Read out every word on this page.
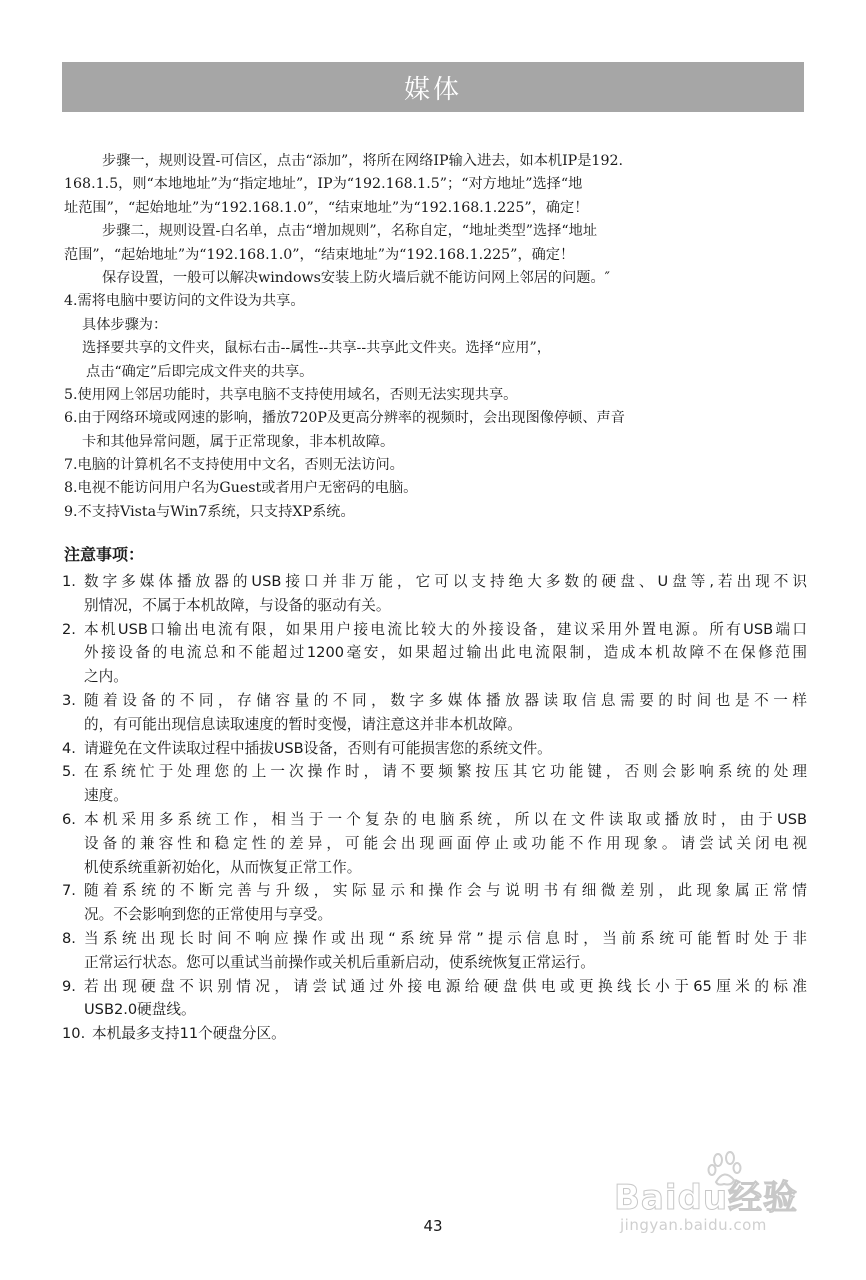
媒体
步骤一，规则设置-可信区，点击“添加”，将所在网络IP输入进去，如本机IP是192.
168.1.5，则“本地地址”为“指定地址”，IP为“192.168.1.5”；“对方地址”选择“地
址范围”，“起始地址”为“192.168.1.0”，“结束地址”为“192.168.1.225”，确定！
步骤二，规则设置-白名单，点击“增加规则”，名称自定，“地址类型”选择“地址
范围”，“起始地址”为“192.168.1.0”，“结束地址”为“192.168.1.225”，确定！
保存设置，一般可以解决windows安装上防火墙后就不能访问网上邻居的问题。″
4.需将电脑中要访问的文件设为共享。
具体步骤为：
选择要共享的文件夹，鼠标右击--属性--共享--共享此文件夹。选择“应用”，
点击“确定”后即完成文件夹的共享。
5.使用网上邻居功能时，共享电脑不支持使用域名，否则无法实现共享。
6.由于网络环境或网速的影响，播放720P及更高分辨率的视频时，会出现图像停顿、声音
卡和其他异常问题，属于正常现象，非本机故障。
7.电脑的计算机名不支持使用中文名，否则无法访问。
8.电视不能访问用户名为Guest或者用户无密码的电脑。
9.不支持Vista与Win7系统，只支持XP系统。
注意事项：
1. 数字多媒体播放器的USB接口并非万能，它可以支持绝大多数的硬盘、U盘等,若出现不识
别情况，不属于本机故障，与设备的驱动有关。
2. 本机USB口输出电流有限，如果用户接电流比较大的外接设备，建议采用外置电源。所有USB端口
外接设备的电流总和不能超过1200毫安，如果超过输出此电流限制，造成本机故障不在保修范围
之内。
3. 随着设备的不同，存储容量的不同，数字多媒体播放器读取信息需要的时间也是不一样
的，有可能出现信息读取速度的暂时变慢，请注意这并非本机故障。
4. 请避免在文件读取过程中插拔USB设备，否则有可能损害您的系统文件。
5. 在系统忙于处理您的上一次操作时，请不要频繁按压其它功能键，否则会影响系统的处理
速度。
6. 本机采用多系统工作，相当于一个复杂的电脑系统，所以在文件读取或播放时，由于USB
设备的兼容性和稳定性的差异，可能会出现画面停止或功能不作用现象。请尝试关闭电视
机使系统重新初始化，从而恢复正常工作。
7. 随着系统的不断完善与升级，实际显示和操作会与说明书有细微差别，此现象属正常情
况。不会影响到您的正常使用与享受。
8. 当系统出现长时间不响应操作或出现“系统异常”提示信息时，当前系统可能暂时处于非
正常运行状态。您可以重试当前操作或关机后重新启动，使系统恢复正常运行。
9. 若出现硬盘不识别情况，请尝试通过外接电源给硬盘供电或更换线长小于65厘米的标准
USB2.0硬盘线。
10. 本机最多支持11个硬盘分区。
Baidu经验
jingyan.baidu.com
43
